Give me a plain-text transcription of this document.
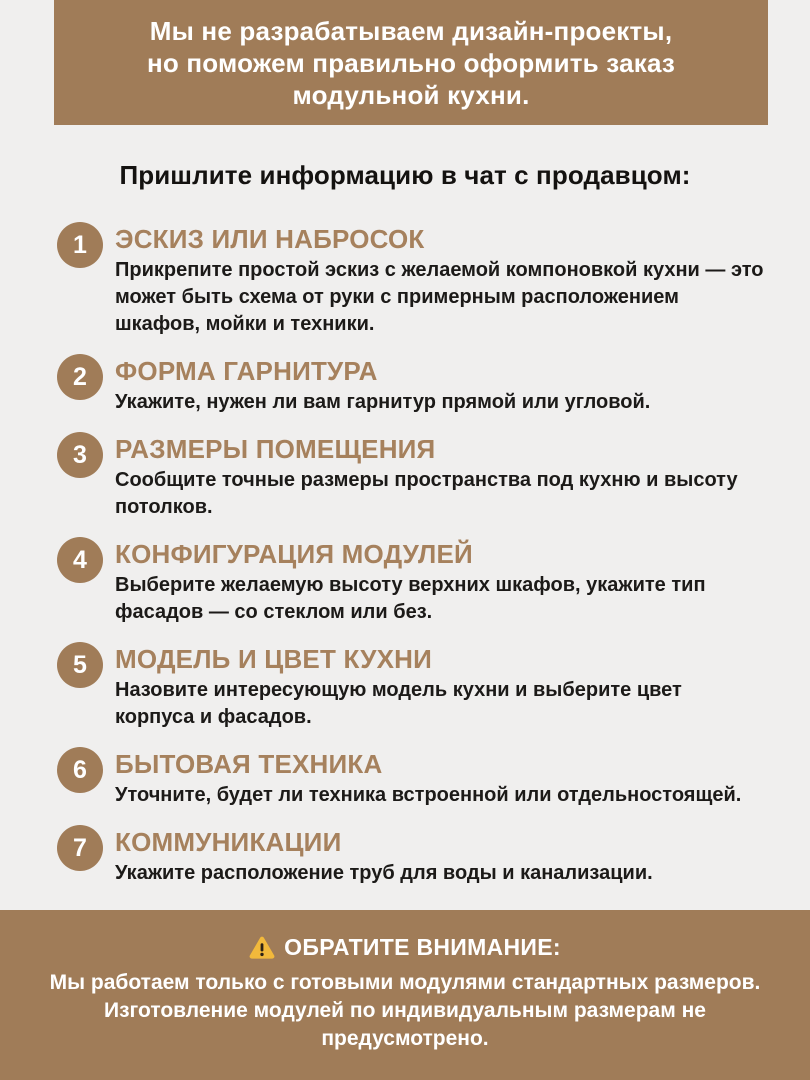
Мы не разрабатываем дизайн-проекты,
но поможем правильно оформить заказ
модульной кухни.
Пришлите информацию в чат с продавцом:
1 ЭСКИЗ ИЛИ НАБРОСОК
Прикрепите простой эскиз с желаемой компоновкой кухни — это может быть схема от руки с примерным расположением шкафов, мойки и техники.
2 ФОРМА ГАРНИТУРА
Укажите, нужен ли вам гарнитур прямой или угловой.
3 РАЗМЕРЫ ПОМЕЩЕНИЯ
Сообщите точные размеры пространства под кухню и высоту потолков.
4 КОНФИГУРАЦИЯ МОДУЛЕЙ
Выберите желаемую высоту верхних шкафов, укажите тип фасадов — со стеклом или без.
5 МОДЕЛЬ И ЦВЕТ КУХНИ
Назовите интересующую модель кухни и выберите цвет корпуса и фасадов.
6 БЫТОВАЯ ТЕХНИКА
Уточните, будет ли техника встроенной или отдельностоящей.
7 КОММУНИКАЦИИ
Укажите расположение труб для воды и канализации.
ОБРАТИТЕ ВНИМАНИЕ:
Мы работаем только с готовыми модулями стандартных размеров.
Изготовление модулей по индивидуальным размерам не
предусмотрено.
